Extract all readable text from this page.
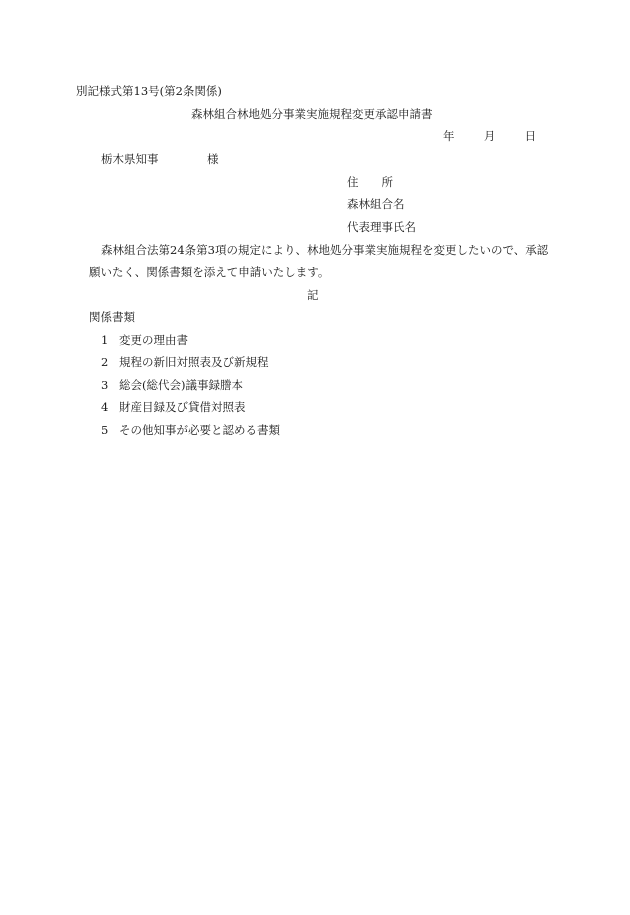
別記様式第13号(第2条関係)
森林組合林地処分事業実施規程変更承認申請書
年	月	日
栃木県知事	様
住　　所
森林組合名
代表理事氏名
森林組合法第24条第3項の規定により、林地処分事業実施規程を変更したいので、承認
願いたく、関係書類を添えて申請いたします。
記
関係書類
1 変更の理由書
2 規程の新旧対照表及び新規程
3 総会(総代会)議事録謄本
4 財産目録及び貸借対照表
5 その他知事が必要と認める書類
